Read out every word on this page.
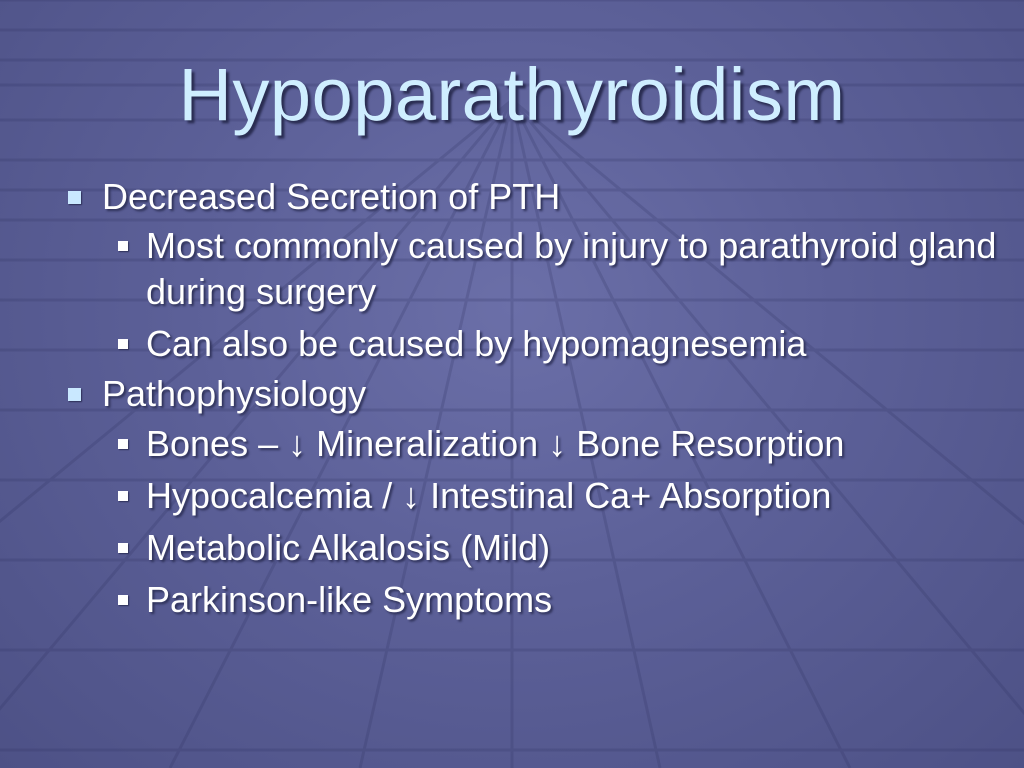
Hypoparathyroidism
Decreased Secretion of PTH
Most commonly caused by injury to parathyroid gland during surgery
Can also be caused by hypomagnesemia
Pathophysiology
Bones – ↓ Mineralization ↓ Bone Resorption
Hypocalcemia / ↓ Intestinal Ca+ Absorption
Metabolic Alkalosis (Mild)
Parkinson-like Symptoms
